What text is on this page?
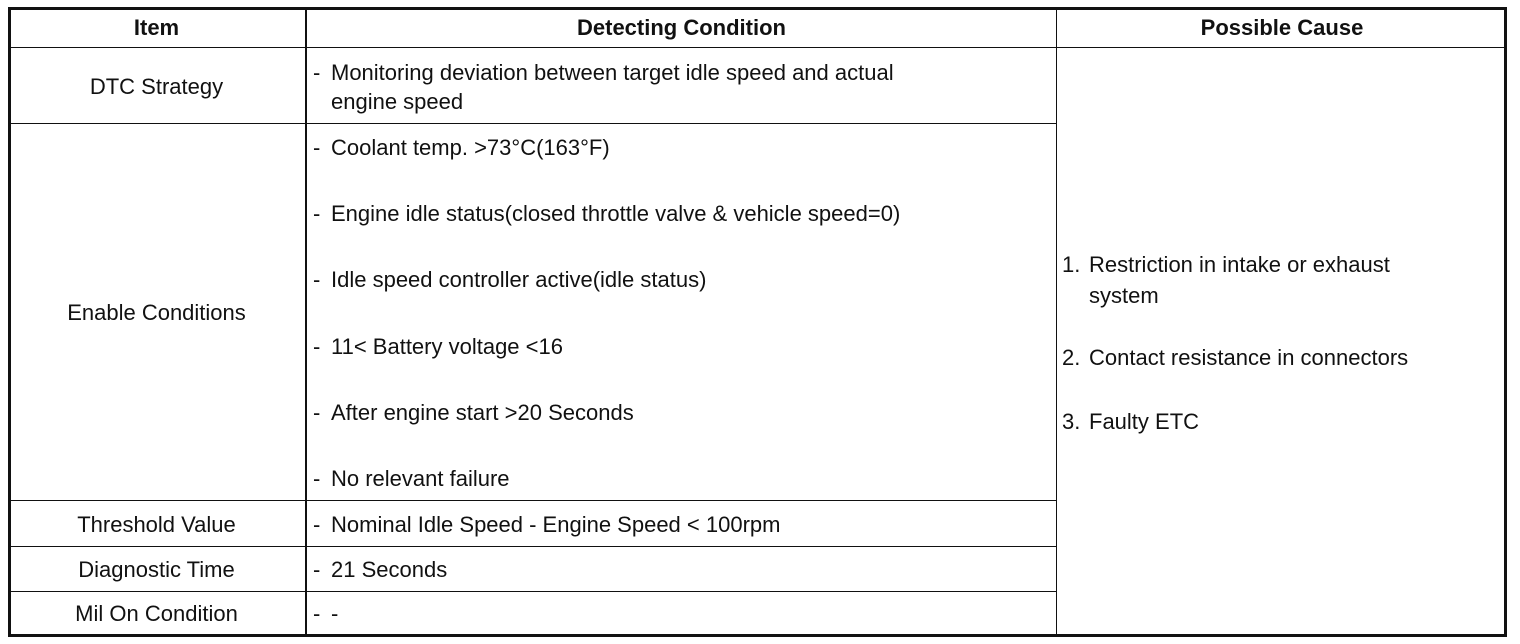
Item	Detecting Condition	Possible Cause
DTC Strategy
Enable Conditions
Threshold Value
Diagnostic Time
Mil On Condition
- Monitoring deviation between target idle speed and actual
engine speed
- Coolant temp. >73°C(163°F)
- Engine idle status(closed throttle valve & vehicle speed=0)
- Idle speed controller active(idle status)
- 11< Battery voltage <16
- After engine start >20 Seconds
- No relevant failure
- Nominal Idle Speed - Engine Speed < 100rpm
- 21 Seconds
- -
1. Restriction in intake or exhaust
system
2. Contact resistance in connectors
3. Faulty ETC
